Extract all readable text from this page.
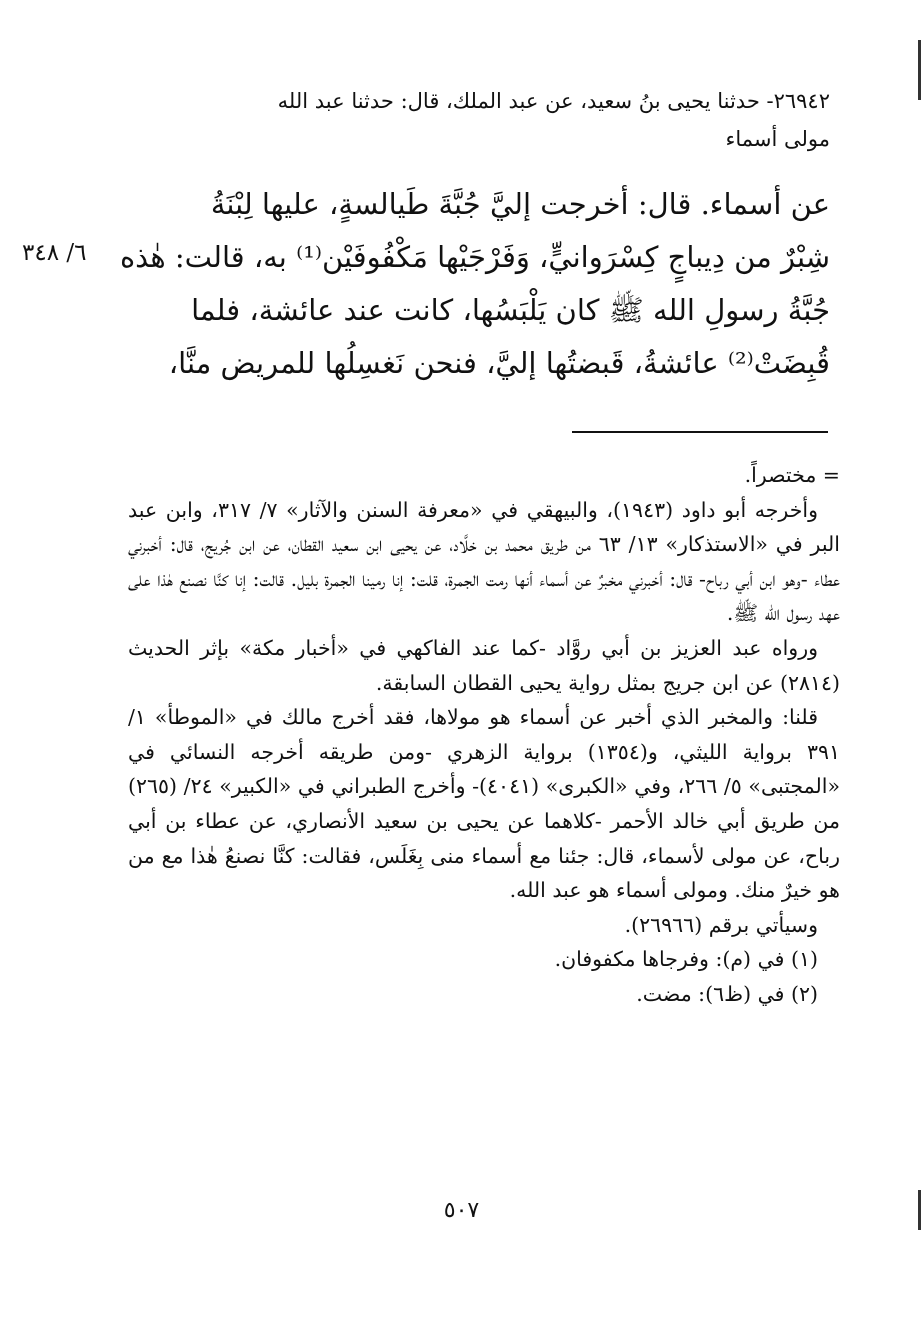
٢٦٩٤٢- حدثنا يحيى بنُ سعيد، عن عبد الملك، قال: حدثنا عبد الله

مولى أسماء

عن أسماء. قال: أخرجت إليَّ جُبَّةَ طَيالسةٍ، عليها لِبْنَةُ

شِبْرٌ من دِيباجٍ كِسْرَوانيٍّ، وَفَرْجَيْها مَكْفُوفَيْن⁽¹⁾ به، قالت: هٰذه

جُبَّةُ رسولِ الله ﷺ كان يَلْبَسُها، كانت عند عائشة، فلما

قُبِضَتْ⁽²⁾ عائشةُ، قَبضتُها إليَّ، فنحن نَغسِلُها للمريض منَّا،

٦/ ٣٤٨

= مختصراً.

وأخرجه أبو داود (١٩٤٣)، والبيهقي في «معرفة السنن والآثار» ٧/ ٣١٧، وابن عبد البر في «الاستذكار» ١٣/ ٦٣ من طريق محمد بن خلَّاد، عن يحيى ابن سعيد القطان، عن ابن جُريج، قال: أخبرني عطاء -وهو ابن أبي رباح- قال: أخبرني مخبرٌ عن أسماء أنها رمت الجمرة، قلت: إنا رمينا الجمرة بليل. قالت: إنا كنَّا نصنع هٰذا على عهد رسول الله ﷺ.

ورواه عبد العزيز بن أبي روَّاد -كما عند الفاكهي في «أخبار مكة» بإثر الحديث (٢٨١٤) عن ابن جريج بمثل رواية يحيى القطان السابقة.

قلنا: والمخبر الذي أخبر عن أسماء هو مولاها، فقد أخرج مالك في «الموطأ» ١/ ٣٩١ برواية الليثي، و(١٣٥٤) برواية الزهري -ومن طريقه أخرجه النسائي في «المجتبى» ٥/ ٢٦٦، وفي «الكبرى» (٤٠٤١)- وأخرج الطبراني في «الكبير» ٢٤/ (٢٦٥) من طريق أبي خالد الأحمر -كلاهما عن يحيى بن سعيد الأنصاري، عن عطاء بن أبي رباح، عن مولى لأسماء، قال: جئنا مع أسماء منى بِغَلَس، فقالت: كنَّا نصنعُ هٰذا مع من هو خيرٌ منك. ومولى أسماء هو عبد الله.

وسيأتي برقم (٢٦٩٦٦).

(١) في (م): وفرجاها مكفوفان.

(٢) في (ظ٦): مضت.

٥٠٧
